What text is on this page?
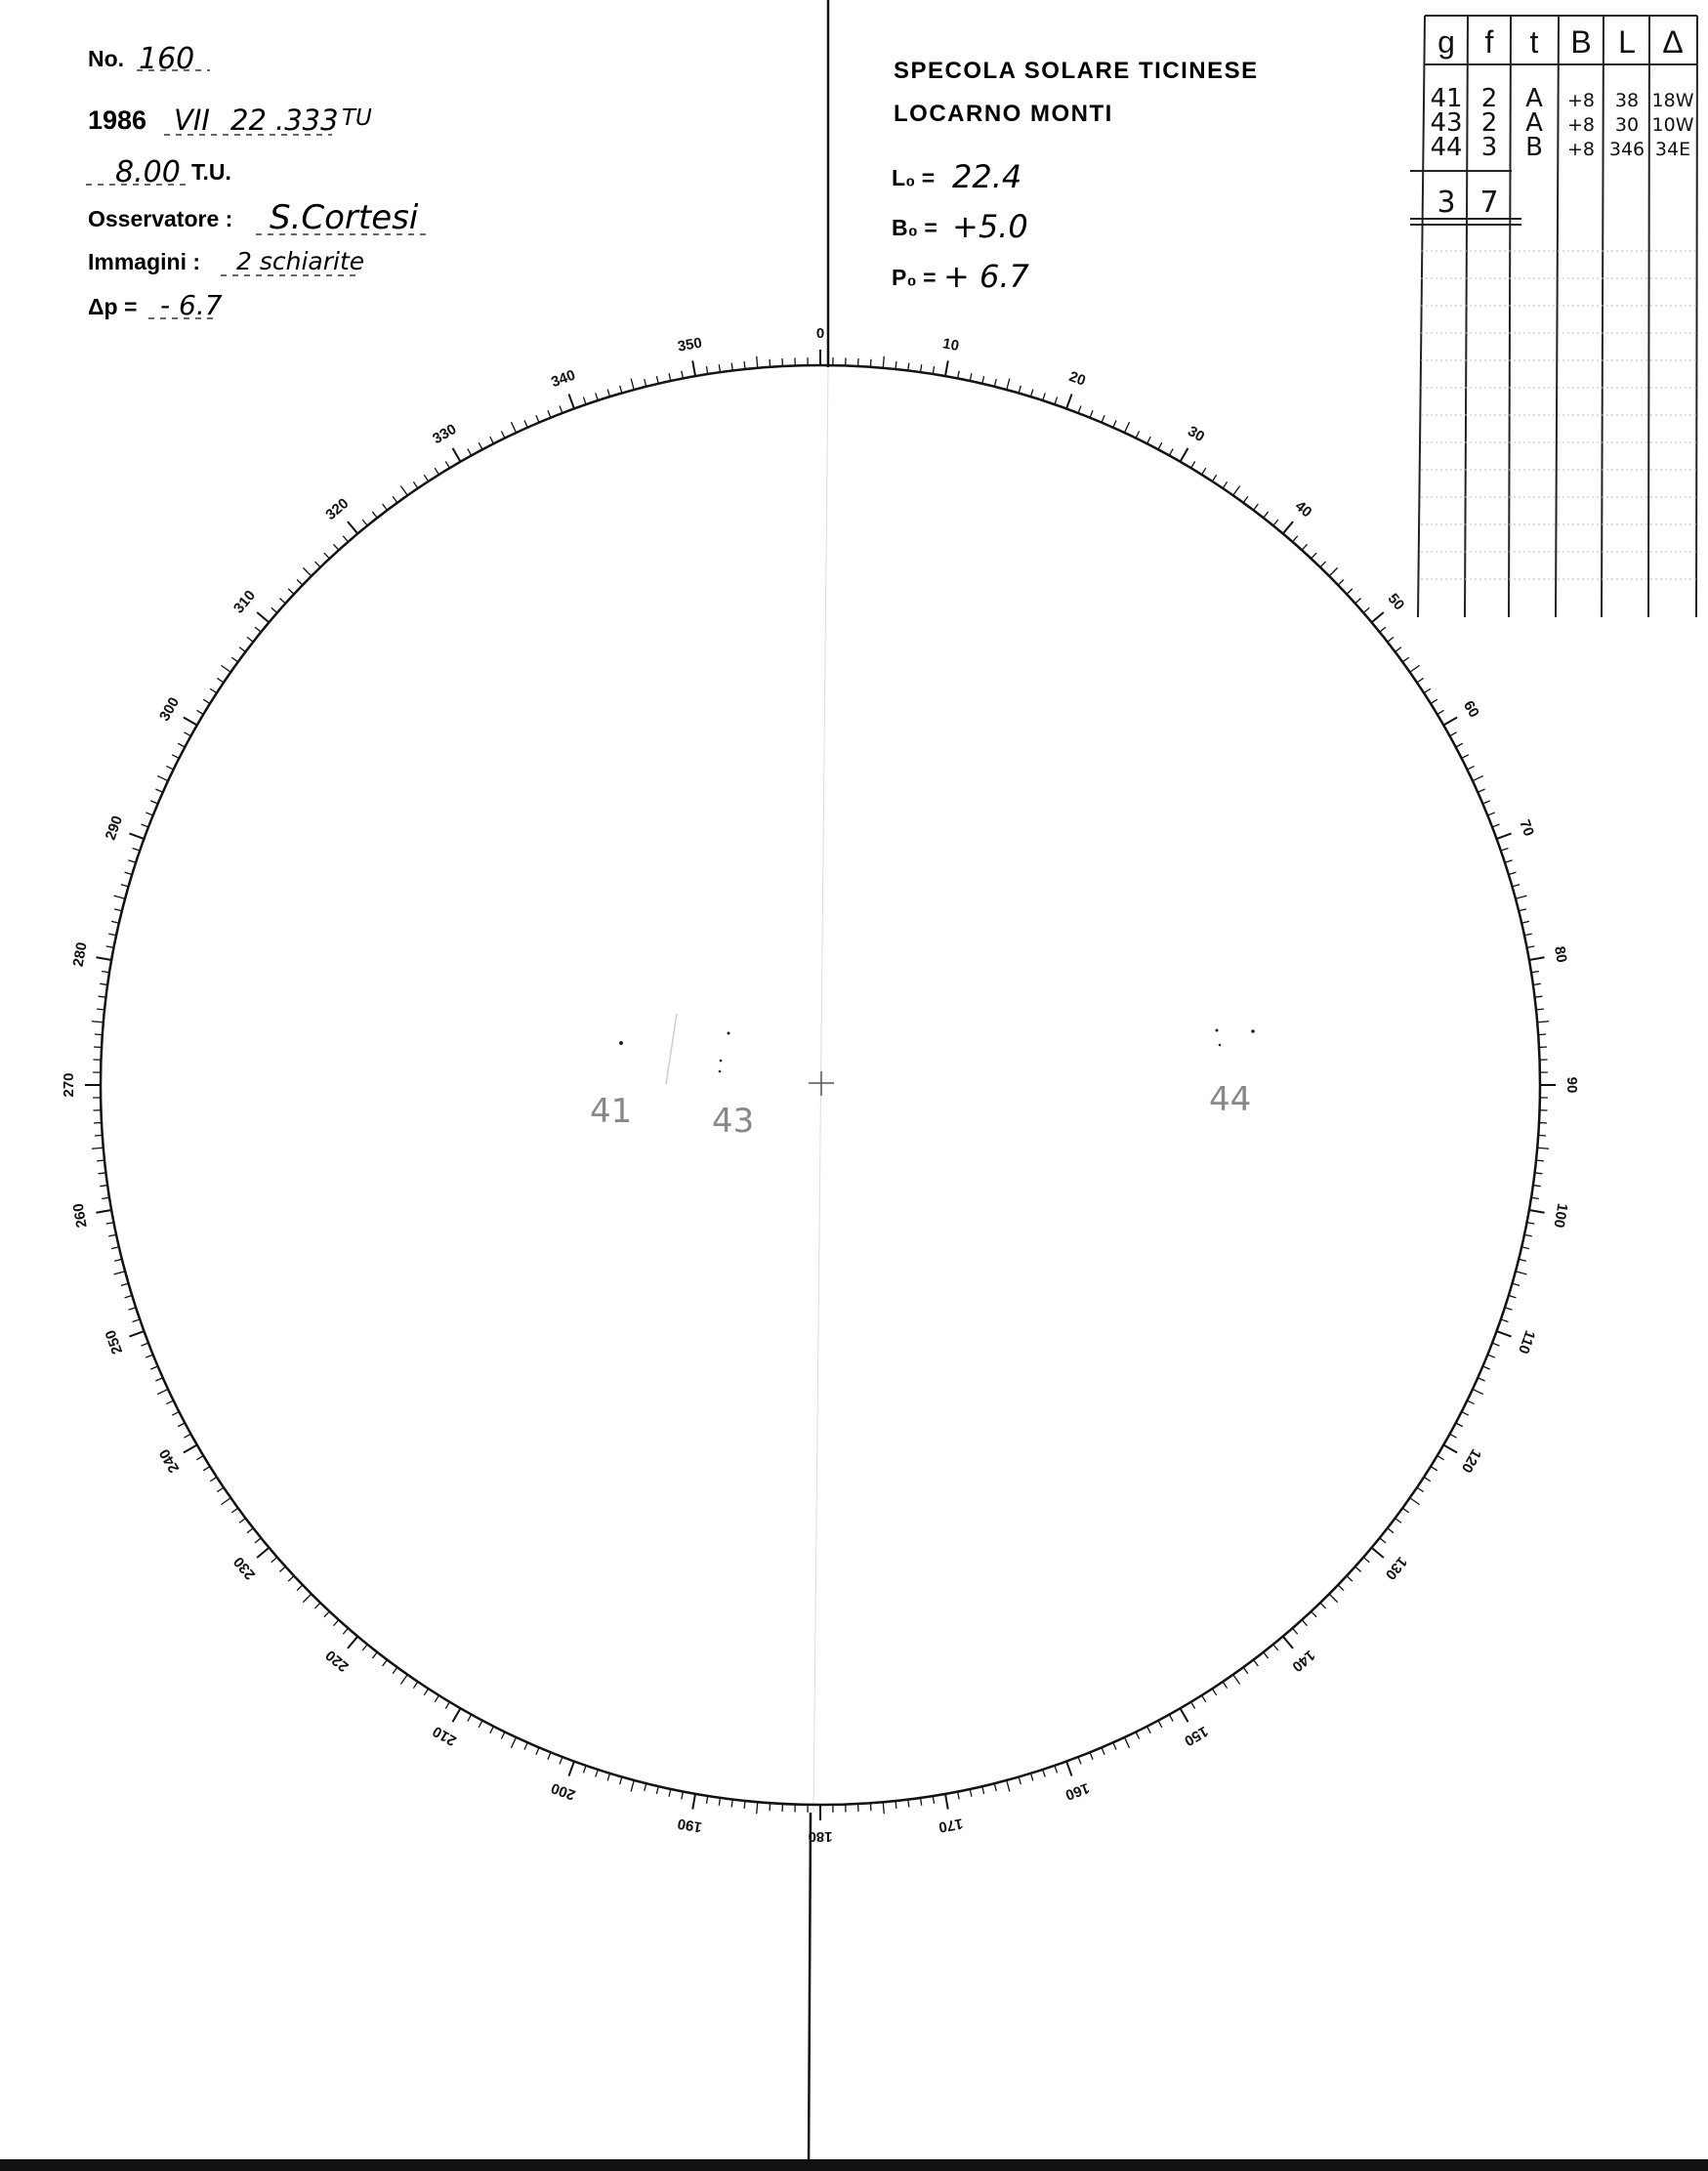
No. 160
1986 VII 22 .333 TU
8.00 T.U.
Osservatore : S.Cortesi
Immagini : 2 schiarite
Δp = - 6.7
SPECOLA SOLARE TICINESE
LOCARNO MONTI
L₀ = 22.4
B₀ = +5.0
P₀ = + 6.7
g f t B L Δ
41 2 A +8 38 18W
43 2 A +8 30 10W
44 3 B +8 346 34E
3 7
0
10
20
30
40
50
60
70
80
90
100
110
120
130
140
150
160
170
180
190
200
210
220
230
240
250
260
270
280
290
300
310
320
330
340
350
41 43
44
